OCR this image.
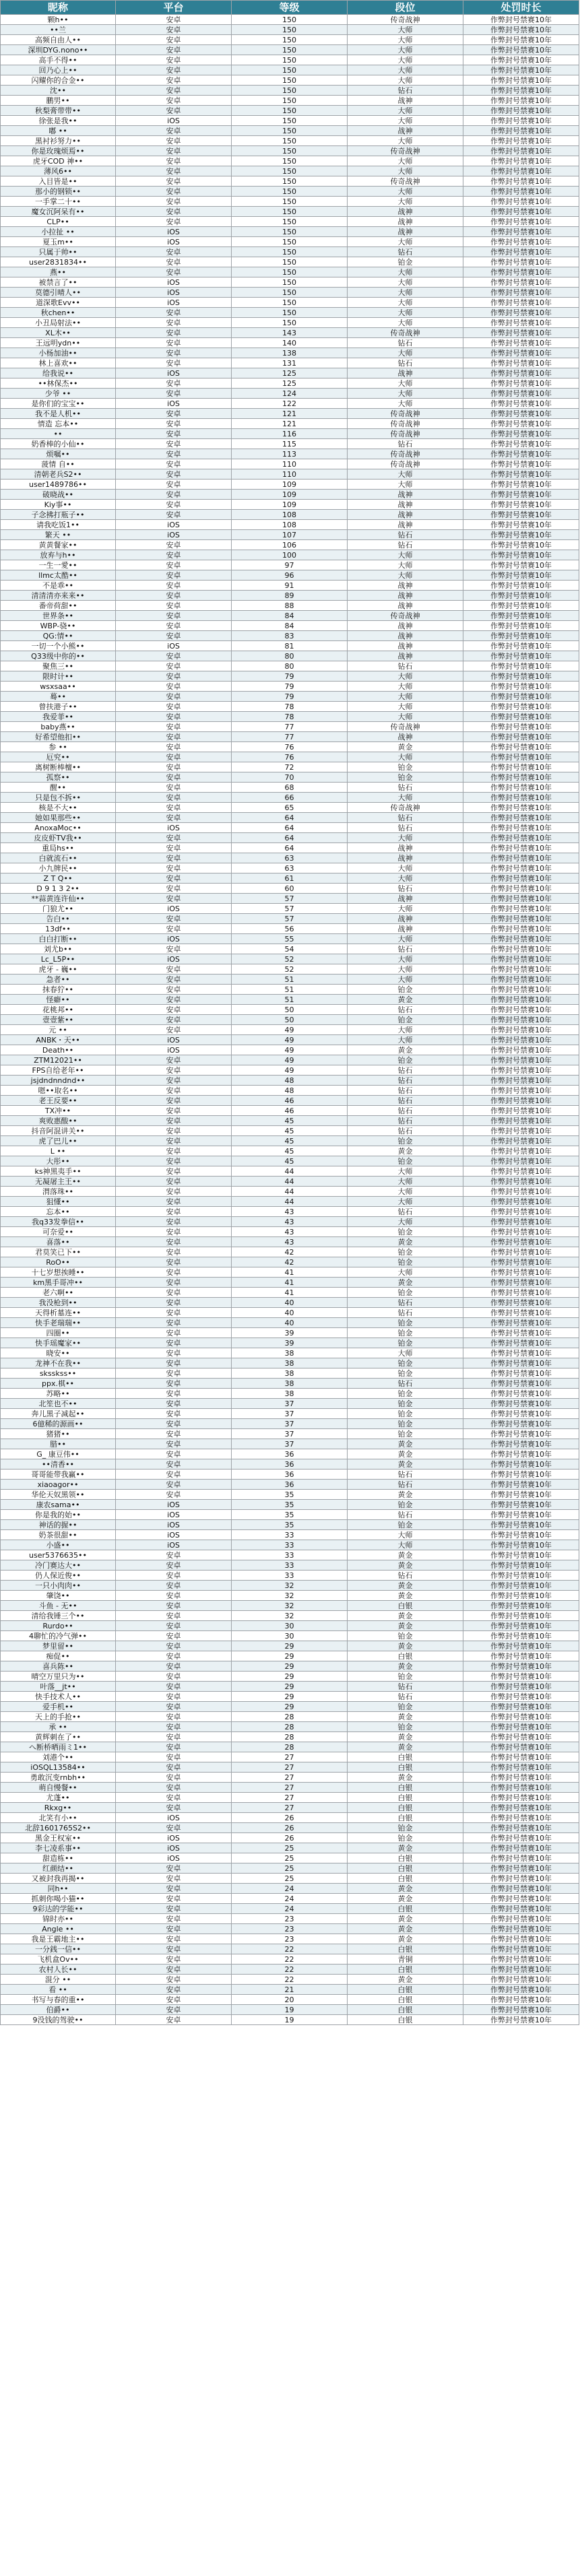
昵称	平台	等级	段位	处罚时长
颗h••	安卓	150	传奇战神	作弊封号禁赛10年
••兰	安卓	150	大师	作弊封号禁赛10年
高频自由人••	安卓	150	大师	作弊封号禁赛10年
深圳DYG.nono••	安卓	150	大师	作弊封号禁赛10年
高手不得••	安卓	150	大师	作弊封号禁赛10年
回乃心上••	安卓	150	大师	作弊封号禁赛10年
闪耀你的合金••	安卓	150	大师	作弊封号禁赛10年
沈••	安卓	150	钻石	作弊封号禁赛10年
鹏男••	安卓	150	战神	作弊封号禁赛10年
秋梨膏带带••	安卓	150	大师	作弊封号禁赛10年
徐张是我••	iOS	150	大师	作弊封号禁赛10年
嘟 ••	安卓	150	战神	作弊封号禁赛10年
黑衬衫努力••	安卓	150	大师	作弊封号禁赛10年
你是玫瑰烦焉••	安卓	150	传奇战神	作弊封号禁赛10年
虎牙COD 神••	安卓	150	大师	作弊封号禁赛10年
薄风6••	安卓	150	大师	作弊封号禁赛10年
入目皆是••	安卓	150	传奇战神	作弊封号禁赛10年
那小的钢锁••	安卓	150	大师	作弊封号禁赛10年
一手掌二十••	安卓	150	大师	作弊封号禁赛10年
魔女沉阿呆有••	安卓	150	战神	作弊封号禁赛10年
CLP••	安卓	150	战神	作弊封号禁赛10年
小拉扯 ••	iOS	150	战神	作弊封号禁赛10年
夏玉m••	iOS	150	大师	作弊封号禁赛10年
只属于帅••	安卓	150	钻石	作弊封号禁赛10年
user2831834••	安卓	150	铂金	作弊封号禁赛10年
燕••	安卓	150	大师	作弊封号禁赛10年
被禁言了••	iOS	150	大师	作弊封号禁赛10年
莫德引晴人••	iOS	150	大师	作弊封号禁赛10年
道深歌Evv••	iOS	150	大师	作弊封号禁赛10年
秋chen••	安卓	150	大师	作弊封号禁赛10年
小丑局射法••	安卓	150	大师	作弊封号禁赛10年
XL木••	安卓	143	传奇战神	作弊封号禁赛10年
王远明ydn••	安卓	140	钻石	作弊封号禁赛10年
小杨加油••	安卓	138	大师	作弊封号禁赛10年
林上喜欢••	安卓	131	钻石	作弊封号禁赛10年
给我说••	iOS	125	战神	作弊封号禁赛10年
••林保杰••	安卓	125	大师	作弊封号禁赛10年
少爷 ••	安卓	124	大师	作弊封号禁赛10年
是你们的宝宝••	iOS	122	大师	作弊封号禁赛10年
我不是人机••	安卓	121	传奇战神	作弊封号禁赛10年
情造 忘本••	安卓	121	传奇战神	作弊封号禁赛10年
••	安卓	116	传奇战神	作弊封号禁赛10年
奶香棒的小仙••	安卓	115	钻石	作弊封号禁赛10年
烦嘱••	安卓	113	传奇战神	作弊封号禁赛10年
菠情 自••	安卓	110	传奇战神	作弊封号禁赛10年
清朝老兵S2••	安卓	110	大师	作弊封号禁赛10年
user1489786••	安卓	109	大师	作弊封号禁赛10年
破晓战••	安卓	109	战神	作弊封号禁赛10年
Kiy事••	安卓	109	战神	作弊封号禁赛10年
子念拂打瓶子••	安卓	108	战神	作弊封号禁赛10年
请我吃饭1••	iOS	108	战神	作弊封号禁赛10年
繁天 ••	iOS	107	钻石	作弊封号禁赛10年
黄黄餐家••	安卓	106	钻石	作弊封号禁赛10年
放弃与h••	安卓	100	大师	作弊封号禁赛10年
一生一愛••	安卓	97	大师	作弊封号禁赛10年
llmc太酷••	安卓	96	大师	作弊封号禁赛10年
不是乖••	安卓	91	战神	作弊封号禁赛10年
清清清亦来来••	安卓	89	战神	作弊封号禁赛10年
番帝荷甜••	安卓	88	战神	作弊封号禁赛10年
世界条••	安卓	84	传奇战神	作弊封号禁赛10年
WBP-骁••	安卓	84	战神	作弊封号禁赛10年
QG:情••	安卓	83	战神	作弊封号禁赛10年
一切一个小熊••	iOS	81	战神	作弊封号禁赛10年
Q33级中你的••	安卓	80	战神	作弊封号禁赛10年
聚焦三••	安卓	80	钻石	作弊封号禁赛10年
限时计••	安卓	79	大师	作弊封号禁赛10年
wsxsaa••	安卓	79	大师	作弊封号禁赛10年
蓦••	安卓	79	大师	作弊封号禁赛10年
曾扶港子••	安卓	78	大师	作弊封号禁赛10年
我爱菲••	安卓	78	大师	作弊封号禁赛10年
baby燕••	安卓	77	传奇战神	作弊封号禁赛10年
好希望他扣••	安卓	77	战神	作弊封号禁赛10年
参 ••	安卓	76	黄金	作弊封号禁赛10年
厄究••	安卓	76	大师	作弊封号禁赛10年
离树断棒檀••	安卓	72	铂金	作弊封号禁赛10年
孤察••	安卓	70	铂金	作弊封号禁赛10年
醒••	安卓	68	钻石	作弊封号禁赛10年
只是包不拆••	安卓	66	大师	作弊封号禁赛10年
核是不大••	安卓	65	传奇战神	作弊封号禁赛10年
她如果那些••	安卓	64	钻石	作弊封号禁赛10年
AnoxaMoc••	iOS	64	钻石	作弊封号禁赛10年
皮皮虾TV我••	安卓	64	大师	作弊封号禁赛10年
重局hs••	安卓	64	战神	作弊封号禁赛10年
白就流石••	安卓	63	战神	作弊封号禁赛10年
小九牌民••	安卓	63	大师	作弊封号禁赛10年
Z T Q••	安卓	61	大师	作弊封号禁赛10年
D 9 1 3 2••	安卓	60	钻石	作弊封号禁赛10年
**蒜黄连许仙••	安卓	57	战神	作弊封号禁赛10年
门狼尤••	iOS	57	大师	作弊封号禁赛10年
告白••	安卓	57	战神	作弊封号禁赛10年
13df••	安卓	56	战神	作弊封号禁赛10年
白白打断••	iOS	55	大师	作弊封号禁赛10年
刘尤b••	安卓	54	钻石	作弊封号禁赛10年
Lc_L5P••	iOS	52	大师	作弊封号禁赛10年
虎牙 - 巍••	安卓	52	大师	作弊封号禁赛10年
急者••	安卓	51	大师	作弊封号禁赛10年
抹春狞••	安卓	51	铂金	作弊封号禁赛10年
怪癖••	安卓	51	黄金	作弊封号禁赛10年
花桃邦••	安卓	50	钻石	作弊封号禁赛10年
壹壹紫••	安卓	50	铂金	作弊封号禁赛10年
元 ••	安卓	49	大师	作弊封号禁赛10年
ANBK・天••	iOS	49	大师	作弊封号禁赛10年
Death••	iOS	49	黄金	作弊封号禁赛10年
ZTM12021••	安卓	49	铂金	作弊封号禁赛10年
FPS自给老年••	安卓	49	钻石	作弊封号禁赛10年
jsjdndnndnd••	安卓	48	钻石	作弊封号禁赛10年
嗯••取名••	安卓	48	钻石	作弊封号禁赛10年
老王反要••	安卓	46	钻石	作弊封号禁赛10年
TX冲••	安卓	46	钻石	作弊封号禁赛10年
爽败惠酸••	安卓	45	钻石	作弊封号禁赛10年
抖音阿混讲关••	安卓	45	钻石	作弊封号禁赛10年
虎了巴儿••	安卓	45	铂金	作弊封号禁赛10年
L ••	安卓	45	黄金	作弊封号禁赛10年
大彤••	安卓	45	铂金	作弊封号禁赛10年
ks神黑夷手••	安卓	44	大师	作弊封号禁赛10年
无凝屠主王••	安卓	44	大师	作弊封号禁赛10年
渭落珠••	安卓	44	大师	作弊封号禁赛10年
狙懂••	安卓	44	大师	作弊封号禁赛10年
忘本••	安卓	43	钻石	作弊封号禁赛10年
我q33发拳信••	安卓	43	大师	作弊封号禁赛10年
可奈爱••	安卓	43	铂金	作弊封号禁赛10年
喜落••	安卓	43	黄金	作弊封号禁赛10年
君莫笑已下••	安卓	42	铂金	作弊封号禁赛10年
RoO••	安卓	42	铂金	作弊封号禁赛10年
十七岁想挨睡••	安卓	41	大师	作弊封号禁赛10年
km黑手哥冲••	安卓	41	黄金	作弊封号禁赛10年
老六啊••	安卓	41	铂金	作弊封号禁赛10年
我没枪到••	安卓	40	钻石	作弊封号禁赛10年
天得析墓连••	安卓	40	钻石	作弊封号禁赛10年
快手老瑞瑞••	安卓	40	铂金	作弊封号禁赛10年
四圈••	安卓	39	铂金	作弊封号禁赛10年
快手瑶魔家••	安卓	39	铂金	作弊封号禁赛10年
晓安••	安卓	38	大师	作弊封号禁赛10年
龙神不在我••	安卓	38	铂金	作弊封号禁赛10年
sksskss••	安卓	38	铂金	作弊封号禁赛10年
ppx.棋••	安卓	38	钻石	作弊封号禁赛10年
苏略••	安卓	38	铂金	作弊封号禁赛10年
北笙也不••	安卓	37	铂金	作弊封号禁赛10年
奔儿黑子减起••	安卓	37	铂金	作弊封号禁赛10年
6億稀的源画••	安卓	37	铂金	作弊封号禁赛10年
猪猪••	安卓	37	铂金	作弊封号禁赛10年
腊••	安卓	37	黄金	作弊封号禁赛10年
G_ 康豆伟••	安卓	36	黄金	作弊封号禁赛10年
••清香••	安卓	36	黄金	作弊封号禁赛10年
哥哥能带我赢••	安卓	36	钻石	作弊封号禁赛10年
xiaoagor••	安卓	36	钻石	作弊封号禁赛10年
华伦天奴黑领••	安卓	35	黄金	作弊封号禁赛10年
康农sama••	iOS	35	铂金	作弊封号禁赛10年
你是我的始••	iOS	35	钻石	作弊封号禁赛10年
神话的握••	iOS	35	铂金	作弊封号禁赛10年
奶茶很甜••	iOS	33	大师	作弊封号禁赛10年
小盛••	iOS	33	大师	作弊封号禁赛10年
user5376635••	安卓	33	黄金	作弊封号禁赛10年
冷门赛达大••	安卓	33	黄金	作弊封号禁赛10年
仍人保近俊••	安卓	33	钻石	作弊封号禁赛10年
一只小肉肉••	安卓	32	黄金	作弊封号禁赛10年
肇饶••	安卓	32	黄金	作弊封号禁赛10年
斗鱼 - 无••	安卓	32	白银	作弊封号禁赛10年
清给我锤三个••	安卓	32	黄金	作弊封号禁赛10年
Rurdo••	安卓	30	黄金	作弊封号禁赛10年
4聊忙的冷气弹••	安卓	30	铂金	作弊封号禁赛10年
梦里留••	安卓	29	黄金	作弊封号禁赛10年
痴促••	安卓	29	白银	作弊封号禁赛10年
喜兵陈••	安卓	29	黄金	作弊封号禁赛10年
晴空万里只为••	安卓	29	铂金	作弊封号禁赛10年
叶落__jt••	安卓	29	钻石	作弊封号禁赛10年
快手技术人••	安卓	29	钻石	作弊封号禁赛10年
爱手机••	安卓	29	铂金	作弊封号禁赛10年
天上的手抢••	安卓	28	黄金	作弊封号禁赛10年
承 ••	安卓	28	铂金	作弊封号禁赛10年
黄辉刺在了••	安卓	28	黄金	作弊封号禁赛10年
へ断桥晒雨ミ1••	安卓	28	黄金	作弊封号禁赛10年
刘港个••	安卓	27	白银	作弊封号禁赛10年
iOSQL13584••	安卓	27	白银	作弊封号禁赛10年
勇敢沉变rnbh••	安卓	27	黄金	作弊封号禁赛10年
萌自慢餐••	安卓	27	白银	作弊封号禁赛10年
尤蓬••	安卓	27	白银	作弊封号禁赛10年
Rkxg••	安卓	27	白银	作弊封号禁赛10年
北笑有小••	iOS	26	白银	作弊封号禁赛10年
北辞1601765S2••	安卓	26	铂金	作弊封号禁赛10年
黑金王权室••	iOS	26	铂金	作弊封号禁赛10年
李七凌系事••	iOS	25	黄金	作弊封号禁赛10年
甜造栋••	iOS	25	白银	作弊封号禁赛10年
红颜结••	安卓	25	白银	作弊封号禁赛10年
又被封我再揭••	安卓	25	白银	作弊封号禁赛10年
同h••	安卓	24	黄金	作弊封号禁赛10年
抓刺你喝小猫••	安卓	24	黄金	作弊封号禁赛10年
9彩达的学能••	安卓	24	白银	作弊封号禁赛10年
锦时亦••	安卓	23	黄金	作弊封号禁赛10年
Angle ••	安卓	23	黄金	作弊封号禁赛10年
我是王霸地主••	安卓	23	黄金	作弊封号禁赛10年
一分銭一信••	安卓	22	白银	作弊封号禁赛10年
飞机盒Ov••	安卓	22	青铜	作弊封号禁赛10年
农村人长••	安卓	22	白银	作弊封号禁赛10年
混分 ••	安卓	22	黄金	作弊封号禁赛10年
看 ••	安卓	21	白银	作弊封号禁赛10年
书写与春的重••	安卓	20	白银	作弊封号禁赛10年
伯爵••	安卓	19	白银	作弊封号禁赛10年
9没钱的驾驶••	安卓	19	白银	作弊封号禁赛10年
